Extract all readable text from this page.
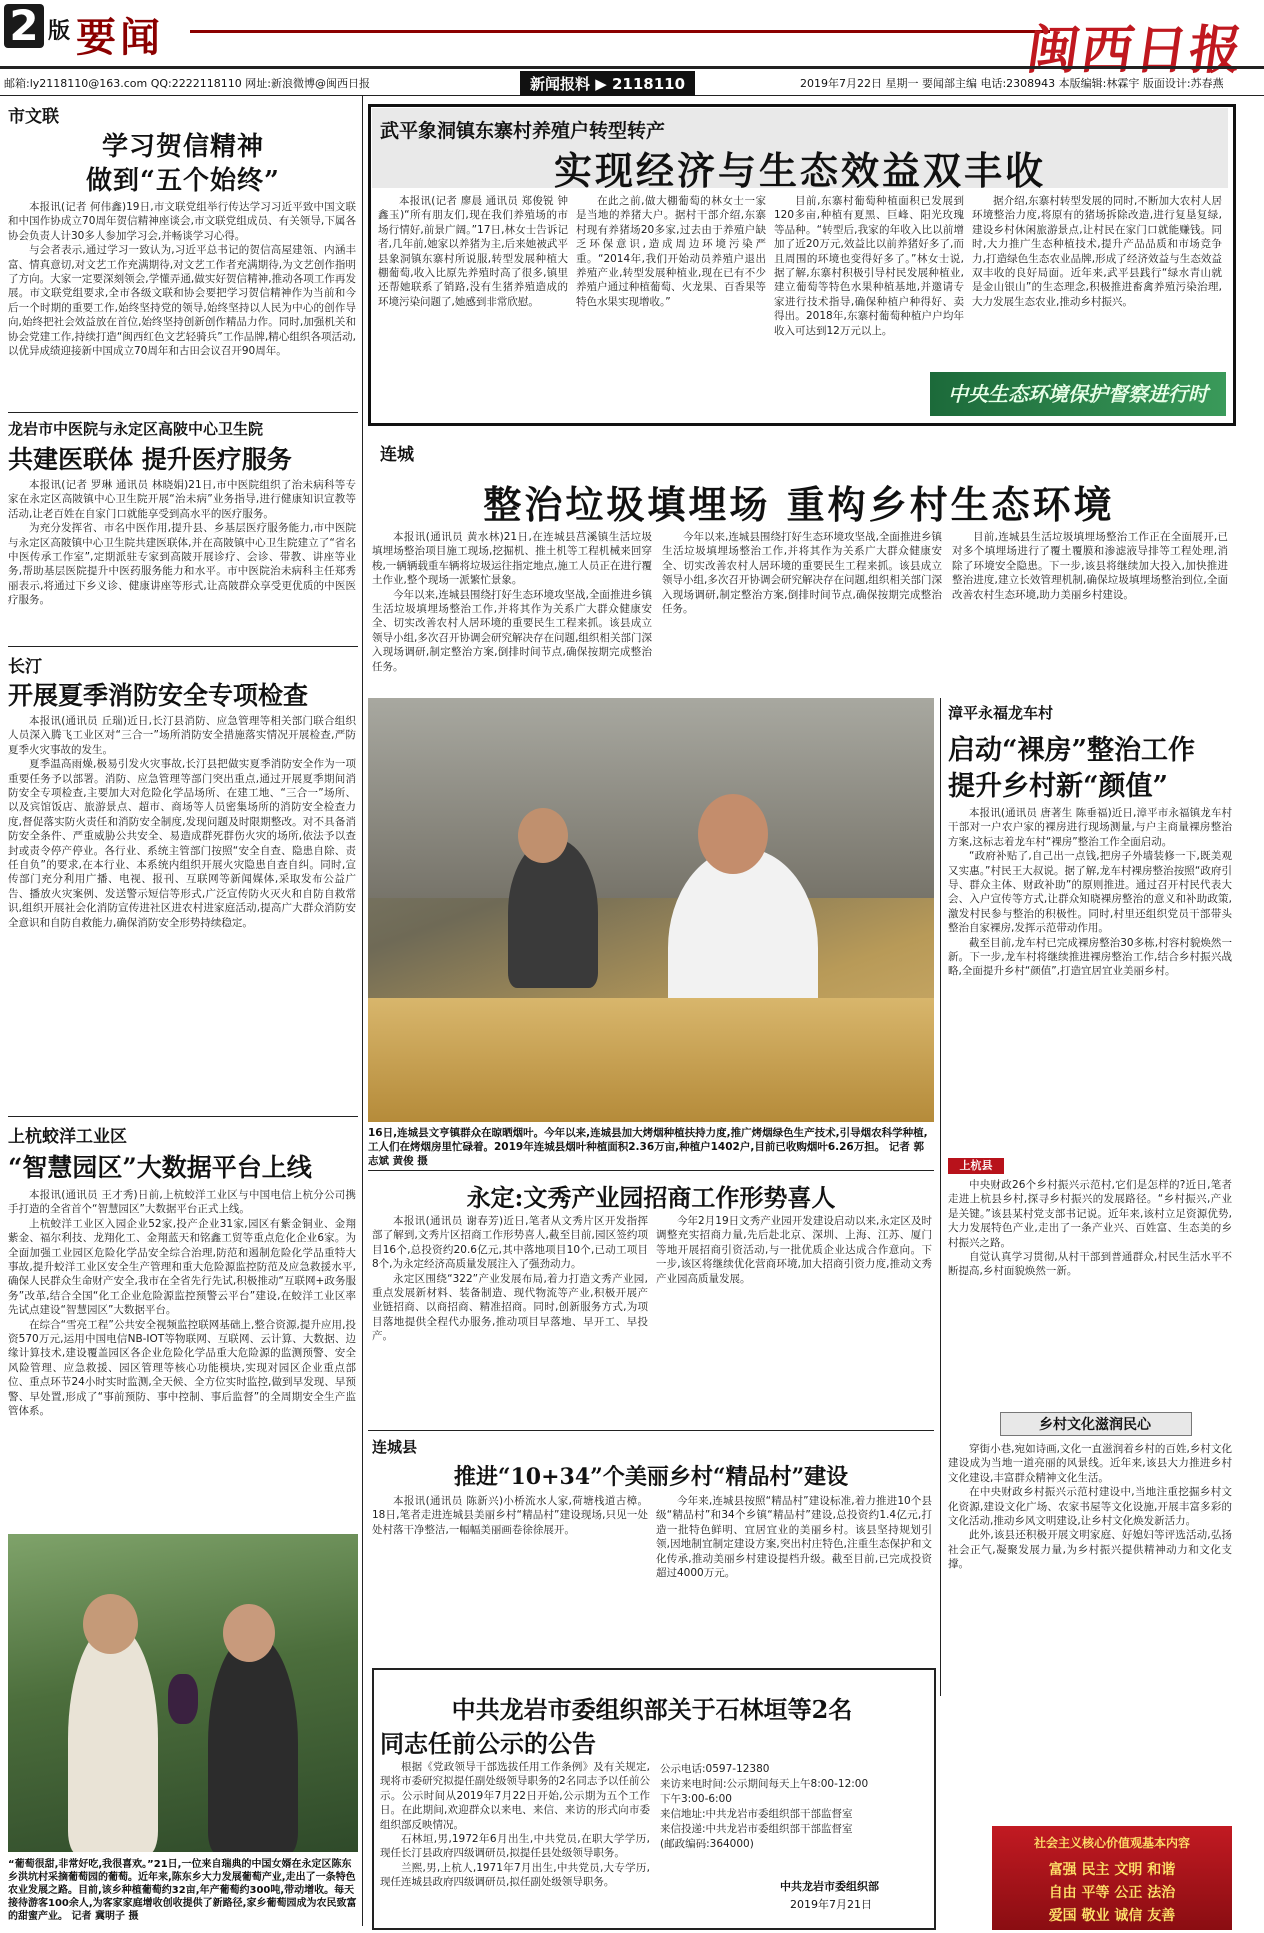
2 版 要闻	闽西日报
邮箱:ly2118110@163.com QQ:2222118110 网址:新浪微博@闽西日报	新闻报料 ▶ 2118110	2019年7月22日 星期一 要闻部主编 电话:2308943 本版编辑:林霖宇 版面设计:苏春燕
市文联
学习贺信精神
做到“五个始终”

本报讯(记者 何伟鑫)19日,市文联党组举行传达学习习近平致中国文联和中国作协成立70周年贺信精神座谈会,市文联党组成员、有关领导,下属各协会负责人计30多人参加学习会,并畅谈学习心得。

与会者表示,通过学习一致认为,习近平总书记的贺信高屋建瓴、内涵丰富、情真意切,对文艺工作充满期待,对文艺工作者充满期待,为文艺创作指明了方向。大家一定要深刻领会,学懂弄通,做实好贺信精神,推动各项工作再发展。市文联党组要求,全市各级文联和协会要把学习贺信精神作为当前和今后一个时期的重要工作,始终坚持党的领导,始终坚持以人民为中心的创作导向,始终把社会效益放在首位,始终坚持创新创作精品力作。同时,加强机关和协会党建工作,持续打造“闽西红色文艺轻骑兵”工作品牌,精心组织各项活动,以优异成绩迎接新中国成立70周年和古田会议召开90周年。

龙岩市中医院与永定区高陂中心卫生院
共建医联体 提升医疗服务

本报讯(记者 罗琳 通讯员 林晓娟)21日,市中医院组织了治未病科等专家在永定区高陂镇中心卫生院开展“治未病”业务指导,进行健康知识宣教等活动,让老百姓在自家门口就能享受到高水平的医疗服务。

为充分发挥省、市名中医作用,提升县、乡基层医疗服务能力,市中医院与永定区高陂镇中心卫生院共建医联体,并在高陂镇中心卫生院建立了“省名中医传承工作室”,定期派驻专家到高陂开展诊疗、会诊、带教、讲座等业务,帮助基层医院提升中医药服务能力和水平。市中医院治未病科主任郑秀丽表示,将通过下乡义诊、健康讲座等形式,让高陂群众享受更优质的中医医疗服务。

长汀
开展夏季消防安全专项检查

本报讯(通讯员 丘瑞)近日,长汀县消防、应急管理等相关部门联合组织人员深入腾飞工业区对“三合一”场所消防安全措施落实情况开展检查,严防夏季火灾事故的发生。

夏季温高雨燥,极易引发火灾事故,长汀县把做实夏季消防安全作为一项重要任务予以部署。消防、应急管理等部门突出重点,通过开展夏季期间消防安全专项检查,主要加大对危险化学品场所、在建工地、“三合一”场所、以及宾馆饭店、旅游景点、超市、商场等人员密集场所的消防安全检查力度,督促落实防火责任和消防安全制度,发现问题及时限期整改。对不具备消防安全条件、严重威胁公共安全、易造成群死群伤火灾的场所,依法予以查封或责令停产停业。各行业、系统主管部门按照“安全自查、隐患自除、责任自负”的要求,在本行业、本系统内组织开展火灾隐患自查自纠。同时,宣传部门充分利用广播、电视、报刊、互联网等新闻媒体,采取发布公益广告、播放火灾案例、发送警示短信等形式,广泛宣传防火灭火和自防自救常识,组织开展社会化消防宣传进社区进农村进家庭活动,提高广大群众消防安全意识和自防自救能力,确保消防安全形势持续稳定。

上杭蛟洋工业区
“智慧园区”大数据平台上线

本报讯(通讯员 王才秀)日前,上杭蛟洋工业区与中国电信上杭分公司携手打造的全省首个“智慧园区”大数据平台正式上线。

上杭蛟洋工业区入园企业52家,投产企业31家,园区有紫金铜业、金翔紫金、福尔利技、龙翔化工、金翔蓝天和铭鑫工贸等重点危化企业6家。为全面加强工业园区危险化学品安全综合治理,防范和遏制危险化学品重特大事故,提升蛟洋工业区安全生产管理和重大危险源监控防范及应急救援水平,确保人民群众生命财产安全,我市在全省先行先试,积极推动“互联网+政务服务”改革,结合全国“化工企业危险源监控预警云平台”建设,在蛟洋工业区率先试点建设“智慧园区”大数据平台。

在综合“雪亮工程”公共安全视频监控联网基础上,整合资源,提升应用,投资570万元,运用中国电信NB-IOT等物联网、互联网、云计算、大数据、边缘计算技术,建设覆盖园区各企业危险化学品重大危险源的监测预警、安全风险管理、应急救援、园区管理等核心功能模块,实现对园区企业重点部位、重点环节24小时实时监测,全天候、全方位实时监控,做到早发现、早预警、早处置,形成了“事前预防、事中控制、事后监督”的全周期安全生产监管体系。

“葡萄很甜,非常好吃,我很喜欢。”21日,一位来自瑞典的中国女婿在永定区陈东乡洪坑村采摘葡萄园的葡萄。近年来,陈东乡大力发展葡萄产业,走出了一条特色农业发展之路。目前,该乡种植葡萄约32亩,年产葡萄约300吨,带动增收。每天接待游客100余人,为客家家庭增收创收提供了新路径,家乡葡萄园成为农民致富的甜蜜产业。 记者 冀明子 摄
武平象洞镇东寨村养殖户转型转产
实现经济与生态效益双丰收

本报讯(记者 廖晨 通讯员 郑俊锐 钟鑫玉)“所有朋友们,现在我们养殖场的市场行情好,前景广阔。”17日,林女士告诉记者,几年前,她家以养猪为主,后来她被武平县象洞镇东寨村所说服,转型发展种植大棚葡萄,收入比原先养殖时高了很多,镇里还帮她联系了销路,没有生猪养殖造成的环境污染问题了,她感到非常欣慰。

在此之前,做大棚葡萄的林女士一家是当地的养猪大户。据村干部介绍,东寨村现有养猪场20多家,过去由于养殖户缺乏环保意识,造成周边环境污染严重。“2014年,我们开始动员养殖户退出养殖产业,转型发展种植业,现在已有不少养殖户通过种植葡萄、火龙果、百香果等特色水果实现增收。”

目前,东寨村葡萄种植面积已发展到120多亩,种植有夏黑、巨峰、阳光玫瑰等品种。“转型后,我家的年收入比以前增加了近20万元,效益比以前养猪好多了,而且周围的环境也变得好多了。”林女士说,据了解,东寨村积极引导村民发展种植业,建立葡萄等特色水果种植基地,并邀请专家进行技术指导,确保种植户种得好、卖得出。2018年,东寨村葡萄种植户户均年收入可达到12万元以上。

据介绍,东寨村转型发展的同时,不断加大农村人居环境整治力度,将原有的猪场拆除改造,进行复垦复绿,建设乡村休闲旅游景点,让村民在家门口就能赚钱。同时,大力推广生态种植技术,提升产品品质和市场竞争力,打造绿色生态农业品牌,形成了经济效益与生态效益双丰收的良好局面。近年来,武平县践行“绿水青山就是金山银山”的生态理念,积极推进畜禽养殖污染治理,大力发展生态农业,推动乡村振兴。

中央生态环境保护督察进行时
连城
整治垃圾填埋场 重构乡村生态环境

本报讯(通讯员 黄水林)21日,在连城县莒溪镇生活垃圾填埋场整治项目施工现场,挖掘机、推土机等工程机械来回穿梭,一辆辆载重车辆将垃圾运往指定地点,施工人员正在进行覆土作业,整个现场一派繁忙景象。

今年以来,连城县围绕打好生态环境攻坚战,全面推进乡镇生活垃圾填埋场整治工作,并将其作为关系广大群众健康安全、切实改善农村人居环境的重要民生工程来抓。该县成立领导小组,多次召开协调会研究解决存在问题,组织相关部门深入现场调研,制定整治方案,倒排时间节点,确保按期完成整治任务。

今年以来,连城县围绕打好生态环境攻坚战,全面推进乡镇生活垃圾填埋场整治工作,并将其作为关系广大群众健康安全、切实改善农村人居环境的重要民生工程来抓。该县成立领导小组,多次召开协调会研究解决存在问题,组织相关部门深入现场调研,制定整治方案,倒排时间节点,确保按期完成整治任务。

目前,连城县生活垃圾填埋场整治工作正在全面展开,已对多个填埋场进行了覆土覆膜和渗滤液导排等工程处理,消除了环境安全隐患。下一步,该县将继续加大投入,加快推进整治进度,建立长效管理机制,确保垃圾填埋场整治到位,全面改善农村生态环境,助力美丽乡村建设。

16日,连城县文亨镇群众在晾晒烟叶。今年以来,连城县加大烤烟种植扶持力度,推广烤烟绿色生产技术,引导烟农科学种植,工人们在烤烟房里忙碌着。2019年连城县烟叶种植面积2.36万亩,种植户1402户,目前已收购烟叶6.26万担。 记者 郭志斌 黄俊 摄
漳平永福龙车村
启动“裸房”整治工作
提升乡村新“颜值”

本报讯(通讯员 唐著生 陈垂福)近日,漳平市永福镇龙车村干部对一户农户家的裸房进行现场测量,与户主商量裸房整治方案,这标志着龙车村“裸房”整治工作全面启动。

“政府补贴了,自己出一点钱,把房子外墙装修一下,既美观又实惠。”村民王大叔说。据了解,龙车村裸房整治按照“政府引导、群众主体、财政补助”的原则推进。通过召开村民代表大会、入户宣传等方式,让群众知晓裸房整治的意义和补助政策,激发村民参与整治的积极性。同时,村里还组织党员干部带头整治自家裸房,发挥示范带动作用。

截至目前,龙车村已完成裸房整治30多栋,村容村貌焕然一新。下一步,龙车村将继续推进裸房整治工作,结合乡村振兴战略,全面提升乡村“颜值”,打造宜居宜业美丽乡村。

永定:文秀产业园招商工作形势喜人

本报讯(通讯员 谢春芳)近日,笔者从文秀片区开发指挥部了解到,文秀片区招商工作形势喜人,截至目前,园区签约项目16个,总投资约20.6亿元,其中落地项目10个,已动工项目8个,为永定经济高质量发展注入了强劲动力。

永定区围绕“322”产业发展布局,着力打造文秀产业园,重点发展新材料、装备制造、现代物流等产业,积极开展产业链招商、以商招商、精准招商。同时,创新服务方式,为项目落地提供全程代办服务,推动项目早落地、早开工、早投产。

今年2月19日文秀产业园开发建设启动以来,永定区及时调整充实招商力量,先后赴北京、深圳、上海、江苏、厦门等地开展招商引资活动,与一批优质企业达成合作意向。下一步,该区将继续优化营商环境,加大招商引资力度,推动文秀产业园高质量发展。

连城县
推进“10+34”个美丽乡村“精品村”建设

本报讯(通讯员 陈新兴)小桥流水人家,荷塘栈道古樟。18日,笔者走进连城县美丽乡村“精品村”建设现场,只见一处处村落干净整洁,一幅幅美丽画卷徐徐展开。

今年来,连城县按照“精品村”建设标准,着力推进10个县级“精品村”和34个乡镇“精品村”建设,总投资约1.4亿元,打造一批特色鲜明、宜居宜业的美丽乡村。该县坚持规划引领,因地制宜制定建设方案,突出村庄特色,注重生态保护和文化传承,推动美丽乡村建设提档升级。截至目前,已完成投资超过4000万元。

中共龙岩市委组织部关于石林垣等2名
同志任前公示的公告

根据《党政领导干部选拔任用工作条例》及有关规定,现将市委研究拟提任副处级领导职务的2名同志予以任前公示。公示时间从2019年7月22日开始,公示期为五个工作日。在此期间,欢迎群众以来电、来信、来访的形式向市委组织部反映情况。

石林垣,男,1972年6月出生,中共党员,在职大学学历,现任长汀县政府四级调研员,拟提任县处级领导职务。

兰熙,男,上杭人,1971年7月出生,中共党员,大专学历,现任连城县政府四级调研员,拟任副处级领导职务。

公示电话:0597-12380
来访来电时间:公示期间每天上午8:00-12:00
下午3:00-6:00
来信地址:中共龙岩市委组织部干部监督室
来信投递:中共龙岩市委组织部干部监督室
(邮政编码:364000)
中共龙岩市委组织部
2019年7月21日
上杭县

中央财政26个乡村振兴示范村,它们是怎样的?近日,笔者走进上杭县乡村,探寻乡村振兴的发展路径。“乡村振兴,产业是关键。”该县某村党支部书记说。近年来,该村立足资源优势,大力发展特色产业,走出了一条产业兴、百姓富、生态美的乡村振兴之路。

自觉认真学习贯彻,从村干部到普通群众,村民生活水平不断提高,乡村面貌焕然一新。

乡村文化滋润民心

穿街小巷,宛如诗画,文化一直滋润着乡村的百姓,乡村文化建设成为当地一道亮丽的风景线。近年来,该县大力推进乡村文化建设,丰富群众精神文化生活。

在中央财政乡村振兴示范村建设中,当地注重挖掘乡村文化资源,建设文化广场、农家书屋等文化设施,开展丰富多彩的文化活动,推动乡风文明建设,让乡村文化焕发新活力。

此外,该县还积极开展文明家庭、好媳妇等评选活动,弘扬社会正气,凝聚发展力量,为乡村振兴提供精神动力和文化支撑。

社会主义核心价值观基本内容
富强 民主 文明 和谐
自由 平等 公正 法治
爱国 敬业 诚信 友善
